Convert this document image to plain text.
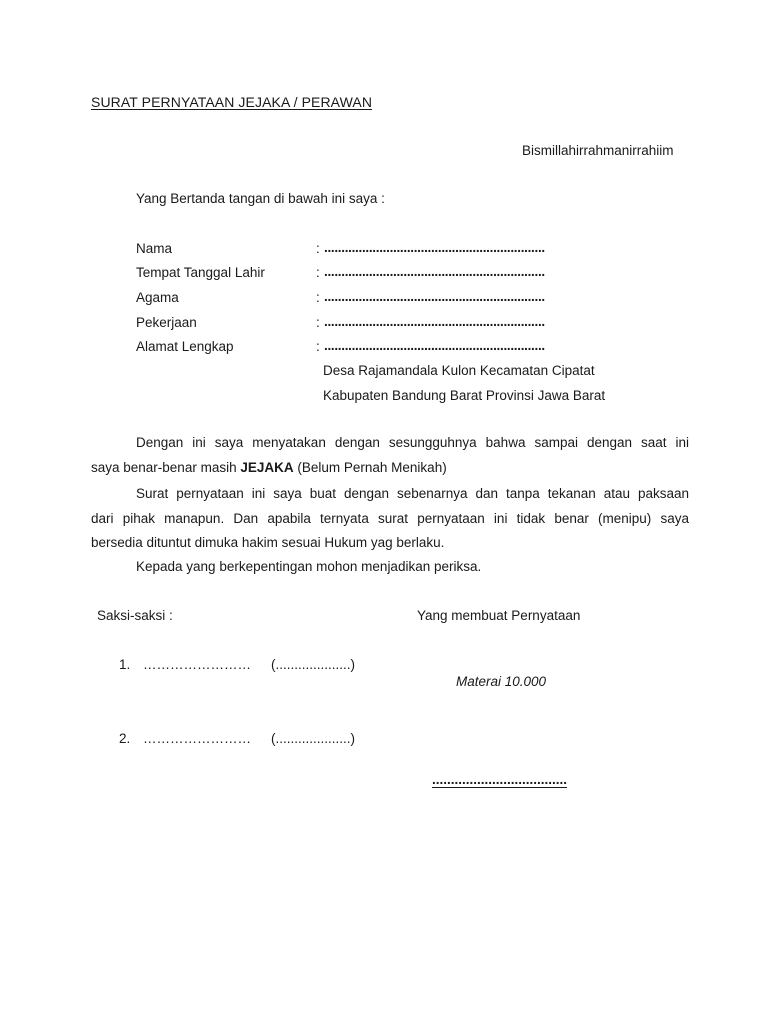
SURAT PERNYATAAN JEJAKA / PERAWAN
Bismillahirrahmanirrahiim
Yang Bertanda tangan di bawah ini saya :
Nama	: ................................................................
Tempat Tanggal Lahir	: ................................................................
Agama	: ................................................................
Pekerjaan	: ................................................................
Alamat Lengkap	: ................................................................
Desa Rajamandala Kulon Kecamatan Cipatat
Kabupaten Bandung Barat Provinsi Jawa Barat
Dengan ini saya menyatakan dengan sesungguhnya bahwa sampai dengan saat ini
saya benar-benar masih JEJAKA (Belum Pernah Menikah)
Surat pernyataan ini saya buat dengan sebenarnya dan tanpa tekanan atau paksaan
dari pihak manapun. Dan apabila ternyata surat pernyataan ini tidak benar (menipu) saya
bersedia dituntut dimuka hakim sesuai Hukum yag berlaku.
Kepada yang berkepentingan mohon menjadikan periksa.
Saksi-saksi :
1. …………………… (....................)
2. …………………… (....................)
Yang membuat Pernyataan
Materai 10.000
....................................
